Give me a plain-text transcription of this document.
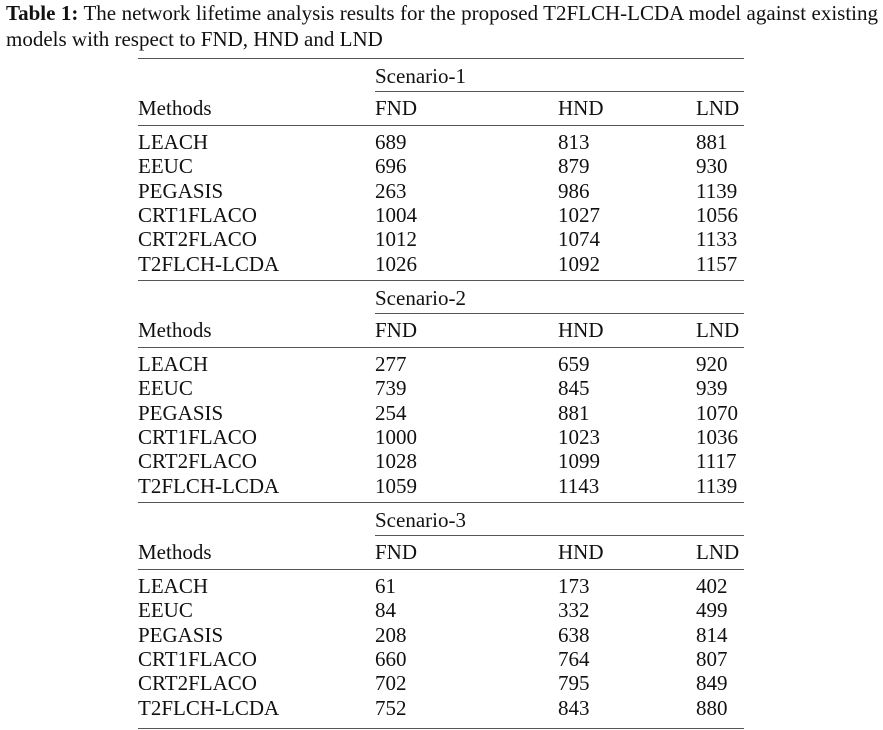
Table 1: The network lifetime analysis results for the proposed T2FLCH-LCDA model against existing models with respect to FND, HND and LND
Scenario-1
Methods	FND	HND	LND
LEACH	689	813	881
EEUC	696	879	930
PEGASIS	263	986	1139
CRT1FLACO	1004	1027	1056
CRT2FLACO	1012	1074	1133
T2FLCH-LCDA	1026	1092	1157
Scenario-2
Methods	FND	HND	LND
LEACH	277	659	920
EEUC	739	845	939
PEGASIS	254	881	1070
CRT1FLACO	1000	1023	1036
CRT2FLACO	1028	1099	1117
T2FLCH-LCDA	1059	1143	1139
Scenario-3
Methods	FND	HND	LND
LEACH	61	173	402
EEUC	84	332	499
PEGASIS	208	638	814
CRT1FLACO	660	764	807
CRT2FLACO	702	795	849
T2FLCH-LCDA	752	843	880
